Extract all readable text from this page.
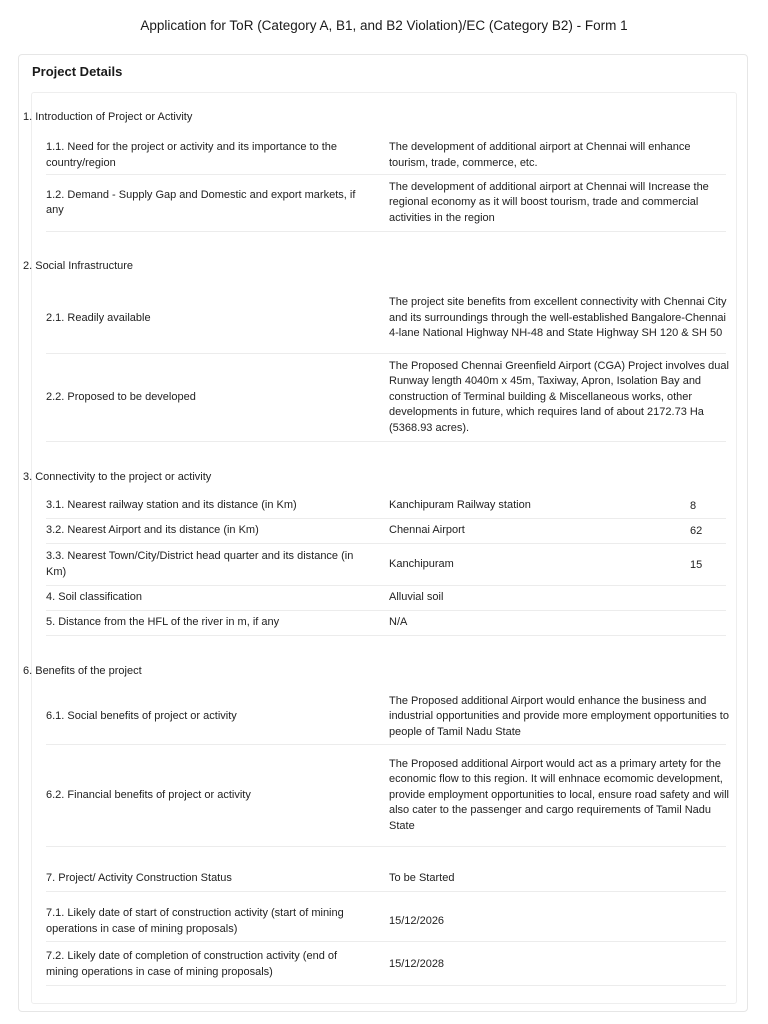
Application for ToR (Category A, B1, and B2 Violation)/EC (Category B2) - Form 1
Project Details
1. Introduction of Project or Activity
1.1. Need for the project or activity and its importance to the country/region
The development of additional airport at Chennai will enhance tourism, trade, commerce, etc.
1.2. Demand - Supply Gap and Domestic and export markets, if any
The development of additional airport at Chennai will Increase the regional economy as it will boost tourism, trade and commercial activities in the region
2. Social Infrastructure
2.1. Readily available
The project site benefits from excellent connectivity with Chennai City and its surroundings through the well-established Bangalore-Chennai 4-lane National Highway NH-48 and State Highway SH 120 & SH 50
2.2. Proposed to be developed
The Proposed Chennai Greenfield Airport (CGA) Project involves dual Runway length 4040m x 45m, Taxiway, Apron, Isolation Bay and construction of Terminal building & Miscellaneous works, other developments in future, which requires land of about 2172.73 Ha (5368.93 acres).
3. Connectivity to the project or activity
3.1. Nearest railway station and its distance (in Km)	Kanchipuram Railway station	8
3.2. Nearest Airport and its distance (in Km)	Chennai Airport	62
3.3. Nearest Town/City/District head quarter and its distance (in Km)
Kanchipuram	15
4. Soil classification	Alluvial soil
5. Distance from the HFL of the river in m, if any	N/A
6. Benefits of the project
6.1. Social benefits of project or activity
The Proposed additional Airport would enhance the business and industrial opportunities and provide more employment opportunities to people of Tamil Nadu State
6.2. Financial benefits of project or activity
The Proposed additional Airport would act as a primary artety for the economic flow to this region. It will enhnace ecomomic development, provide employment opportunities to local, ensure road safety and will also cater to the passenger and cargo requirements of Tamil Nadu State
7. Project/ Activity Construction Status	To be Started
7.1. Likely date of start of construction activity (start of mining operations in case of mining proposals)
15/12/2026
7.2. Likely date of completion of construction activity (end of mining operations in case of mining proposals)
15/12/2028
